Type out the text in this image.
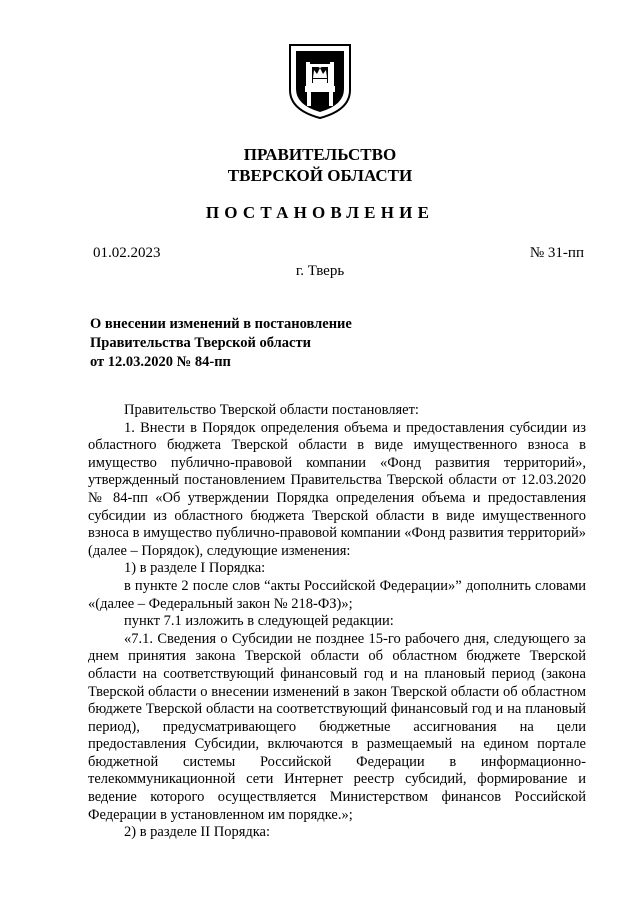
ПРАВИТЕЛЬСТВО
ТВЕРСКОЙ ОБЛАСТИ
ПОСТАНОВЛЕНИЕ
01.02.2023	№ 31-пп
г. Тверь
О внесении изменений в постановление
Правительства Тверской области
от 12.03.2020 № 84-пп

Правительство Тверской области постановляет:

1. Внести в Порядок определения объема и предоставления субсидии из областного бюджета Тверской области в виде имущественного взноса в имущество публично-правовой компании «Фонд развития территорий», утвержденный постановлением Правительства Тверской области от 12.03.2020 № 84-пп «Об утверждении Порядка определения объема и предоставления субсидии из областного бюджета Тверской области в виде имущественного взноса в имущество публично-правовой компании «Фонд развития территорий» (далее – Порядок), следующие изменения:

1) в разделе I Порядка:

в пункте 2 после слов “акты Российской Федерации»” дополнить словами «(далее – Федеральный закон № 218-ФЗ)»;

пункт 7.1 изложить в следующей редакции:

«7.1. Сведения о Субсидии не позднее 15-го рабочего дня, следующего за днем принятия закона Тверской области об областном бюджете Тверской области на соответствующий финансовый год и на плановый период (закона Тверской области о внесении изменений в закон Тверской области об областном бюджете Тверской области на соответствующий финансовый год и на плановый период), предусматривающего бюджетные ассигнования на цели предоставления Субсидии, включаются в размещаемый на едином портале бюджетной системы Российской Федерации в информационно-телекоммуникационной сети Интернет реестр субсидий, формирование и ведение которого осуществляется Министерством финансов Российской Федерации в установленном им порядке.»;

2) в разделе II Порядка:
